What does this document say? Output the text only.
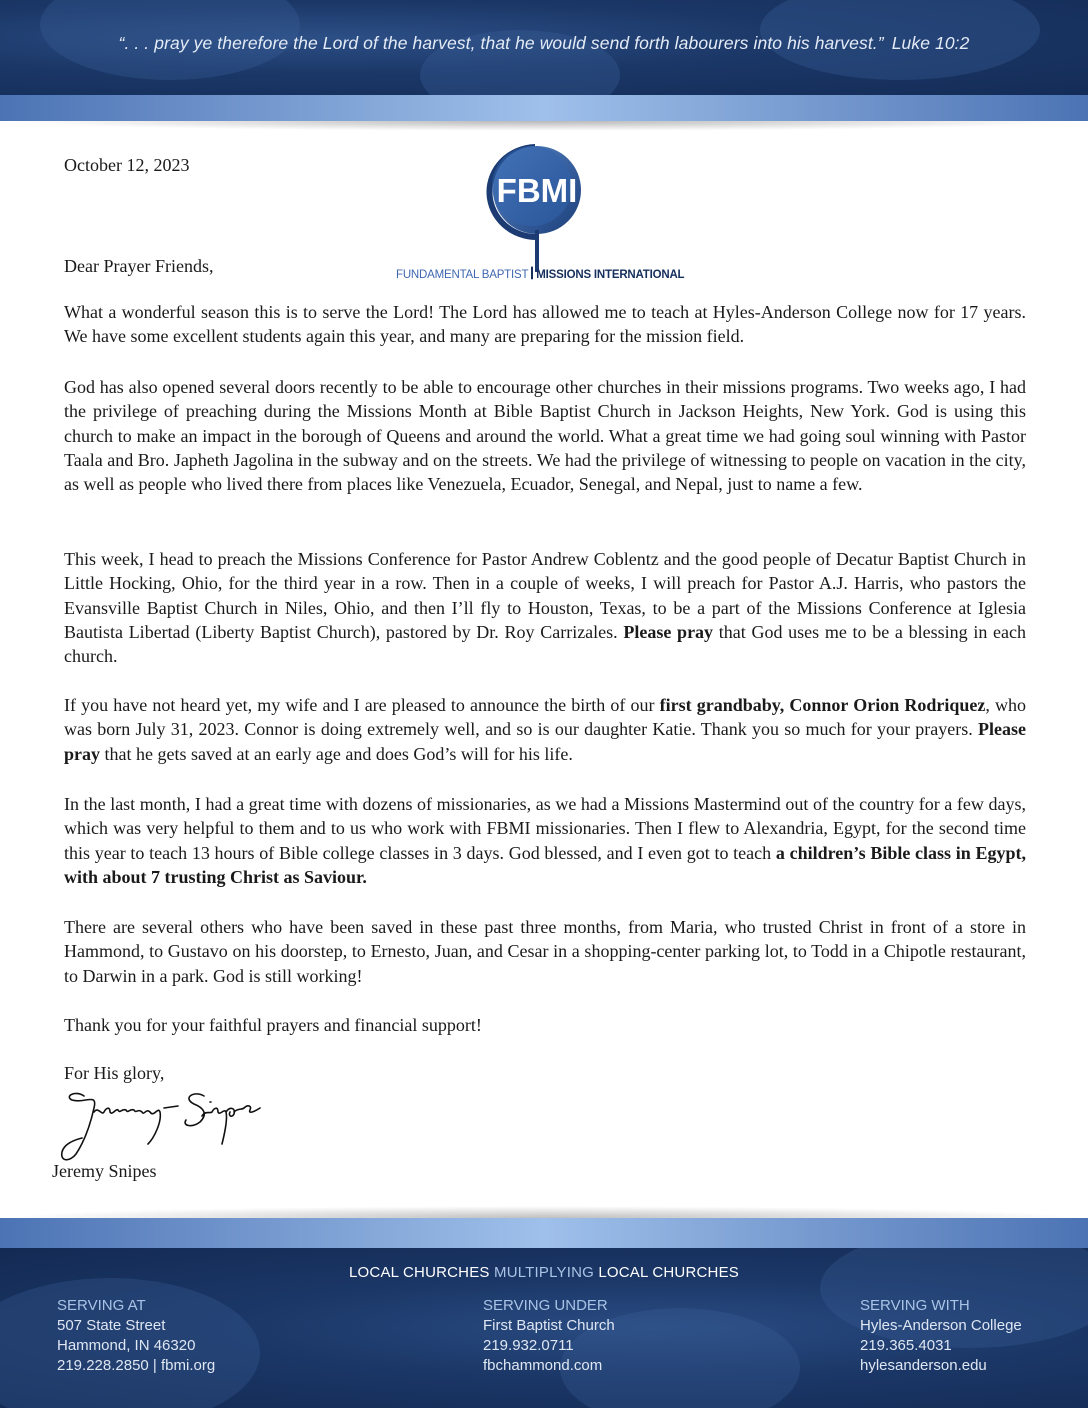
“. . . pray ye therefore the Lord of the harvest, that he would send forth labourers into his harvest.” Luke 10:2
FBMI
FUNDAMENTAL BAPTIST MISSIONS INTERNATIONAL
October 12, 2023
Dear Prayer Friends,

What a wonderful season this is to serve the Lord! The Lord has allowed me to teach at Hyles-Anderson College now for 17 years. We have some excellent students again this year, and many are preparing for the mission field.

God has also opened several doors recently to be able to encourage other churches in their missions programs. Two weeks ago, I had the privilege of preaching during the Missions Month at Bible Baptist Church in Jackson Heights, New York. God is using this church to make an impact in the borough of Queens and around the world. What a great time we had going soul winning with Pastor Taala and Bro. Japheth Jagolina in the subway and on the streets. We had the privilege of witnessing to people on vacation in the city, as well as people who lived there from places like Venezuela, Ecuador, Senegal, and Nepal, just to name a few.

This week, I head to preach the Missions Conference for Pastor Andrew Coblentz and the good people of Decatur Baptist Church in Little Hocking, Ohio, for the third year in a row. Then in a couple of weeks, I will preach for Pastor A.J. Harris, who pastors the Evansville Baptist Church in Niles, Ohio, and then I’ll fly to Houston, Texas, to be a part of the Missions Conference at Iglesia Bautista Libertad (Liberty Baptist Church), pastored by Dr. Roy Carrizales. Please pray that God uses me to be a blessing in each church.

If you have not heard yet, my wife and I are pleased to announce the birth of our first grandbaby, Connor Orion Rodriquez, who was born July 31, 2023. Connor is doing extremely well, and so is our daughter Katie. Thank you so much for your prayers. Please pray that he gets saved at an early age and does God’s will for his life.

In the last month, I had a great time with dozens of missionaries, as we had a Missions Mastermind out of the country for a few days, which was very helpful to them and to us who work with FBMI missionaries. Then I flew to Alexandria, Egypt, for the second time this year to teach 13 hours of Bible college classes in 3 days. God blessed, and I even got to teach a children’s Bible class in Egypt, with about 7 trusting Christ as Saviour.

There are several others who have been saved in these past three months, from Maria, who trusted Christ in front of a store in Hammond, to Gustavo on his doorstep, to Ernesto, Juan, and Cesar in a shopping-center parking lot, to Todd in a Chipotle restaurant, to Darwin in a park. God is still working!

Thank you for your faithful prayers and financial support!

For His glory,
Jeremy Snipes
LOCAL CHURCHES MULTIPLYING LOCAL CHURCHES
SERVING AT
507 State Street
Hammond, IN 46320
219.228.2850 | fbmi.org
SERVING UNDER
First Baptist Church
219.932.0711
fbchammond.com
SERVING WITH
Hyles-Anderson College
219.365.4031
hylesanderson.edu
